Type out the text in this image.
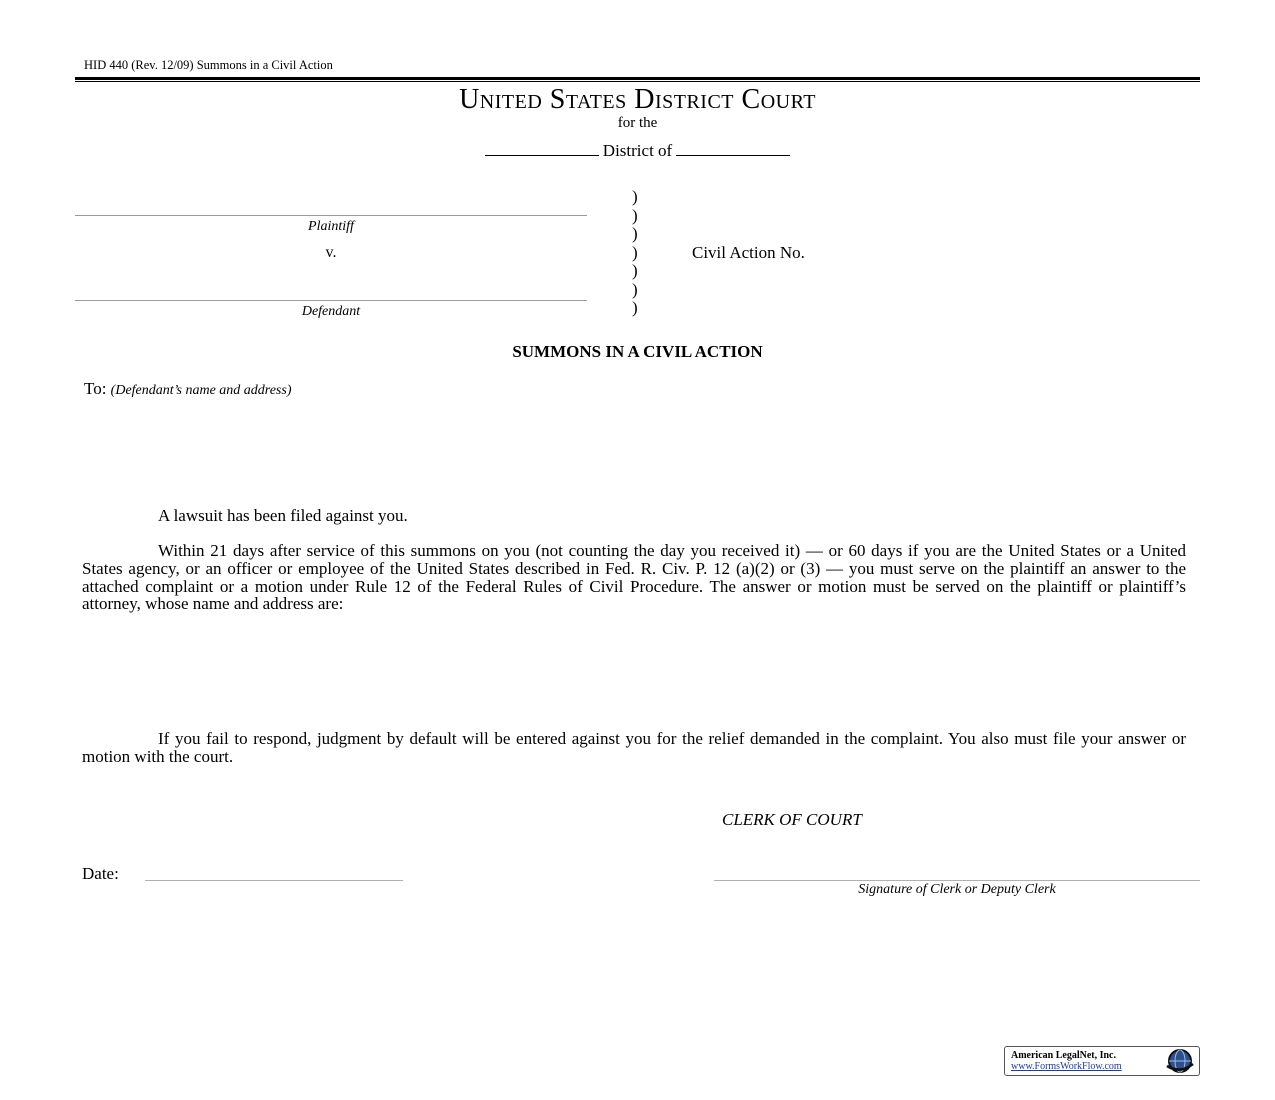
HID 440 (Rev. 12/09) Summons in a Civil Action
United States District Court
for the
District of
Plaintiff
v.
Defendant
)
)
)
)
)
)
)
Civil Action No.
SUMMONS IN A CIVIL ACTION
To: (Defendant’s name and address)
A lawsuit has been filed against you.
Within 21 days after service of this summons on you (not counting the day you received it) — or 60 days if you are the United States or a United States agency, or an officer or employee of the United States described in Fed. R. Civ. P. 12 (a)(2) or (3) — you must serve on the plaintiff an answer to the attached complaint or a motion under Rule 12 of the Federal Rules of Civil Procedure. The answer or motion must be served on the plaintiff or plaintiff’s attorney, whose name and address are:
If you fail to respond, judgment by default will be entered against you for the relief demanded in the complaint. You also must file your answer or motion with the court.
CLERK OF COURT
Date:
Signature of Clerk or Deputy Clerk
American LegalNet, Inc.
www.FormsWorkFlow.com
